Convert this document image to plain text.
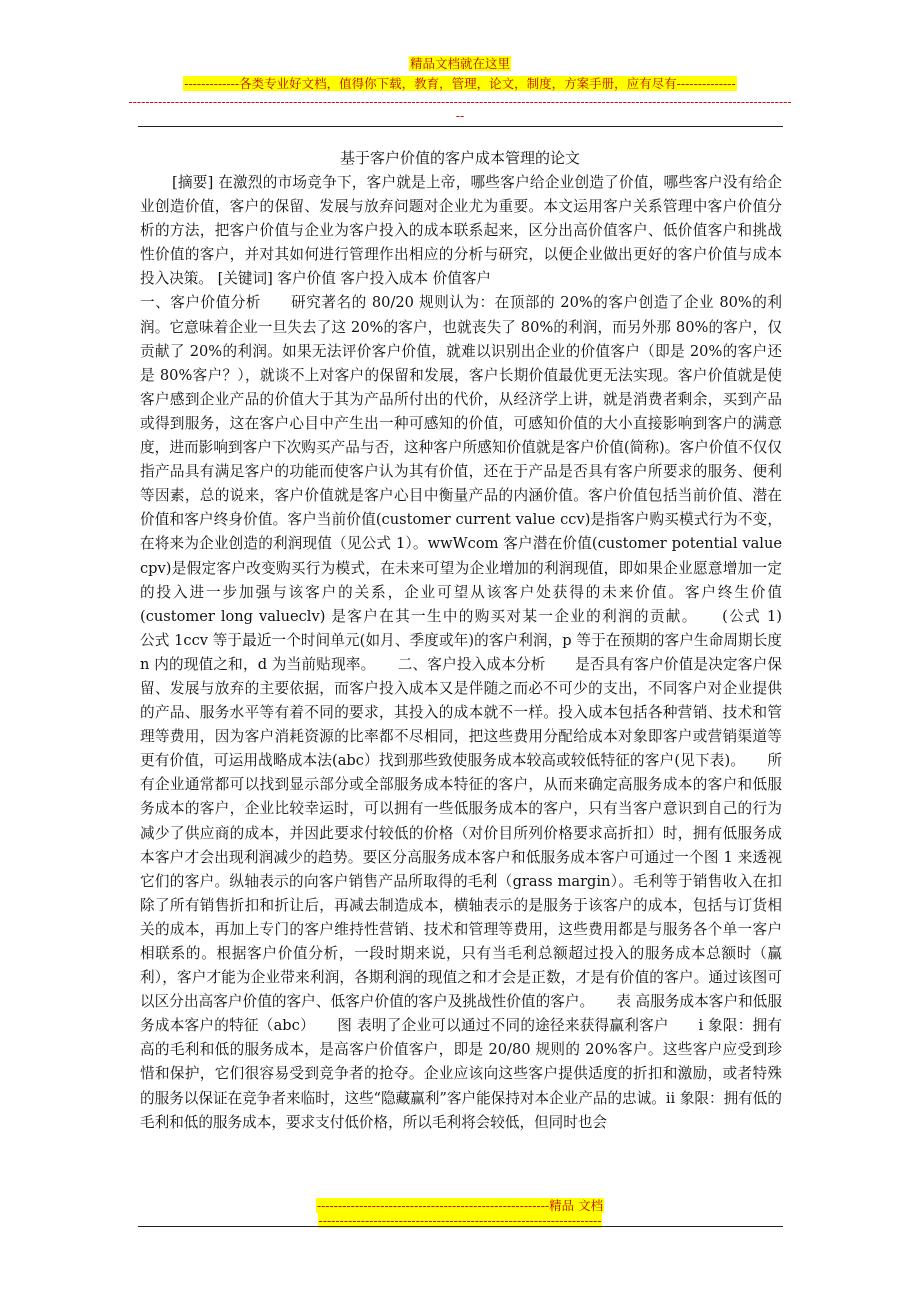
精品文档就在这里
-------------各类专业好文档，值得你下载，教育，管理，论文，制度，方案手册，应有尽有--------------
-------------------------------------------------------------------------------------------------------------------------------------------------------------
--
基于客户价值的客户成本管理的论文

[摘要] 在激烈的市场竞争下，客户就是上帝，哪些客户给企业创造了价值，哪些客户没有给企业创造价值，客户的保留、发展与放弃问题对企业尤为重要。本文运用客户关系管理中客户价值分析的方法，把客户价值与企业为客户投入的成本联系起来，区分出高价值客户、低价值客户和挑战性价值的客户，并对其如何进行管理作出相应的分析与研究，以便企业做出更好的客户价值与成本投入决策。 [关键词] 客户价值 客户投入成本 价值客户

一、客户价值分析　　研究著名的 80/20 规则认为：在顶部的 20%的客户创造了企业 80%的利润。它意味着企业一旦失去了这 20%的客户，也就丧失了 80%的利润，而另外那 80%的客户，仅贡献了 20%的利润。如果无法评价客户价值，就难以识别出企业的价值客户（即是 20%的客户还是 80%客户？），就谈不上对客户的保留和发展，客户长期价值最优更无法实现。客户价值就是使客户感到企业产品的价值大于其为产品所付出的代价，从经济学上讲，就是消费者剩余，买到产品或得到服务，这在客户心目中产生出一种可感知的价值，可感知价值的大小直接影响到客户的满意度，进而影响到客户下次购买产品与否，这种客户所感知价值就是客户价值(简称)。客户价值不仅仅指产品具有满足客户的功能而使客户认为其有价值，还在于产品是否具有客户所要求的服务、便利等因素，总的说来，客户价值就是客户心目中衡量产品的内涵价值。客户价值包括当前价值、潜在价值和客户终身价值。客户当前价值(customer current value ccv)是指客户购买模式行为不变，在将来为企业创造的利润现值（见公式 1）。wwWcom 客户潜在价值(customer potential value cpv)是假定客户改变购买行为模式，在未来可望为企业增加的利润现值，即如果企业愿意增加一定的投入进一步加强与该客户的关系，企业可望从该客户处获得的未来价值。客户终生价值(customer long valueclv) 是客户在其一生中的购买对某一企业的利润的贡献。　　(公式 1)　　公式 1ccv 等于最近一个时间单元(如月、季度或年)的客户利润，p 等于在预期的客户生命周期长度 n 内的现值之和，d 为当前贴现率。　　二、客户投入成本分析　　是否具有客户价值是决定客户保留、发展与放弃的主要依据，而客户投入成本又是伴随之而必不可少的支出，不同客户对企业提供的产品、服务水平等有着不同的要求，其投入的成本就不一样。投入成本包括各种营销、技术和管理等费用，因为客户消耗资源的比率都不尽相同，把这些费用分配给成本对象即客户或营销渠道等更有价值，可运用战略成本法(abc）找到那些致使服务成本较高或较低特征的客户(见下表)。　　所有企业通常都可以找到显示部分或全部服务成本特征的客户，从而来确定高服务成本的客户和低服务成本的客户，企业比较幸运时，可以拥有一些低服务成本的客户，只有当客户意识到自己的行为减少了供应商的成本，并因此要求付较低的价格（对价目所列价格要求高折扣）时，拥有低服务成本客户才会出现利润减少的趋势。要区分高服务成本客户和低服务成本客户可通过一个图 1 来透视它们的客户。纵轴表示的向客户销售产品所取得的毛利（grass margin）。毛利等于销售收入在扣除了所有销售折扣和折让后，再减去制造成本，横轴表示的是服务于该客户的成本，包括与订货相关的成本，再加上专门的客户维持性营销、技术和管理等费用，这些费用都是与服务各个单一客户相联系的。根据客户价值分析，一段时期来说，只有当毛利总额超过投入的服务成本总额时（赢利），客户才能为企业带来利润，各期利润的现值之和才会是正数，才是有价值的客户。通过该图可以区分出高客户价值的客户、低客户价值的客户及挑战性价值的客户。　　表 高服务成本客户和低服务成本客户的特征（abc）　　图 表明了企业可以通过不同的途径来获得赢利客户　　i 象限：拥有高的毛利和低的服务成本，是高客户价值客户，即是 20/80 规则的 20%客户。这些客户应受到珍惜和保护，它们很容易受到竞争者的抢夺。企业应该向这些客户提供适度的折扣和激励，或者特殊的服务以保证在竞争者来临时，这些“隐藏赢利”客户能保持对本企业产品的忠诚。ii 象限：拥有低的毛利和低的服务成本，要求支付低价格，所以毛利将会较低，但同时也会

-------------------------------------------------------精品 文档
-------------------------------------------------------------------
